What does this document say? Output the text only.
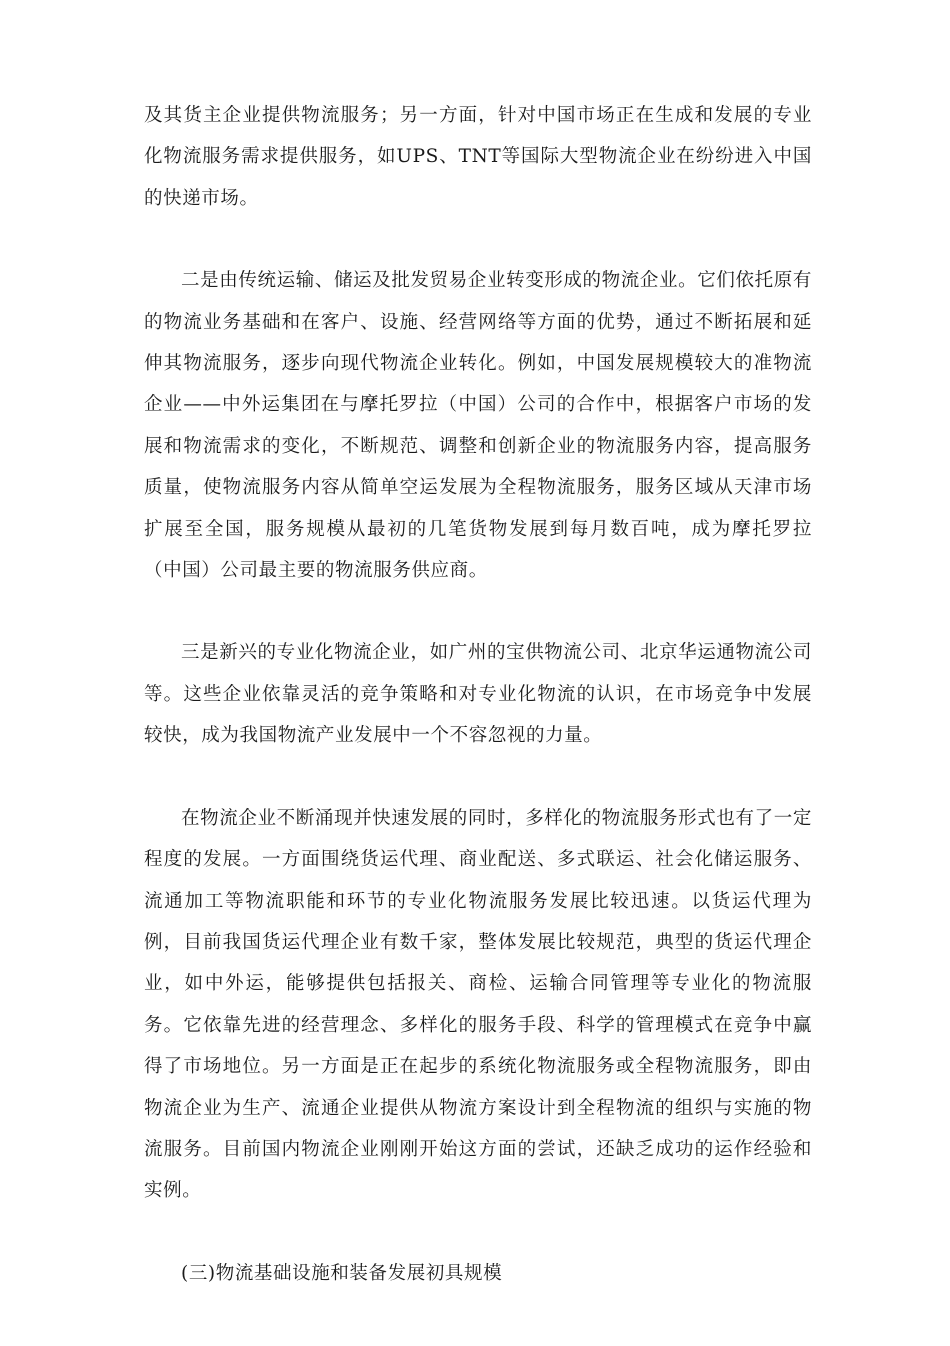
及其货主企业提供物流服务；另一方面，针对中国市场正在生成和发展的专业化物流服务需求提供服务，如UPS、TNT等国际大型物流企业在纷纷进入中国的快递市场。

二是由传统运输、储运及批发贸易企业转变形成的物流企业。它们依托原有的物流业务基础和在客户、设施、经营网络等方面的优势，通过不断拓展和延伸其物流服务，逐步向现代物流企业转化。例如，中国发展规模较大的准物流企业——中外运集团在与摩托罗拉（中国）公司的合作中，根据客户市场的发展和物流需求的变化，不断规范、调整和创新企业的物流服务内容，提高服务质量，使物流服务内容从简单空运发展为全程物流服务，服务区域从天津市场扩展至全国，服务规模从最初的几笔货物发展到每月数百吨，成为摩托罗拉（中国）公司最主要的物流服务供应商。

三是新兴的专业化物流企业，如广州的宝供物流公司、北京华运通物流公司等。这些企业依靠灵活的竞争策略和对专业化物流的认识，在市场竞争中发展较快，成为我国物流产业发展中一个不容忽视的力量。

在物流企业不断涌现并快速发展的同时，多样化的物流服务形式也有了一定程度的发展。一方面围绕货运代理、商业配送、多式联运、社会化储运服务、流通加工等物流职能和环节的专业化物流服务发展比较迅速。以货运代理为例，目前我国货运代理企业有数千家，整体发展比较规范，典型的货运代理企业，如中外运，能够提供包括报关、商检、运输合同管理等专业化的物流服务。它依靠先进的经营理念、多样化的服务手段、科学的管理模式在竞争中赢得了市场地位。另一方面是正在起步的系统化物流服务或全程物流服务，即由物流企业为生产、流通企业提供从物流方案设计到全程物流的组织与实施的物流服务。目前国内物流企业刚刚开始这方面的尝试，还缺乏成功的运作经验和实例。

(三)物流基础设施和装备发展初具规模
